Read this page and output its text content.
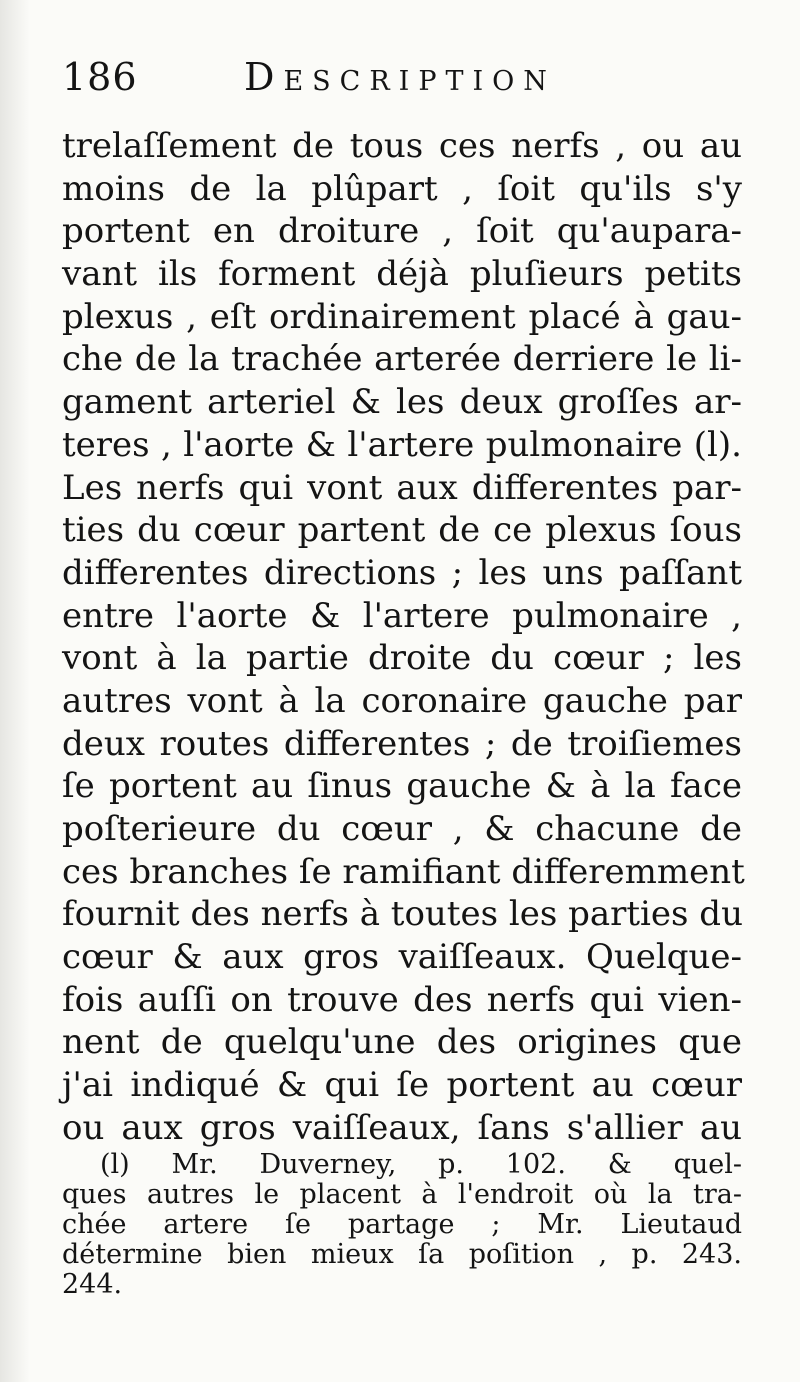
186	Description
trelaſſement de tous ces nerfs , ou au
moins de la plûpart , ſoit qu'ils s'y
portent en droiture , ſoit qu'aupara-
vant ils forment déjà pluſieurs petits
plexus , eſt ordinairement placé à gau-
che de la trachée arterée derriere le li-
gament arteriel & les deux groſſes ar-
teres , l'aorte & l'artere pulmonaire (l).
Les nerfs qui vont aux differentes par-
ties du cœur partent de ce plexus ſous
differentes directions ; les uns paſſant
entre l'aorte & l'artere pulmonaire ,
vont à la partie droite du cœur ; les
autres vont à la coronaire gauche par
deux routes differentes ; de troiſiemes
ſe portent au ſinus gauche & à la face
poſterieure du cœur , & chacune de
ces branches ſe ramifiant differemment
fournit des nerfs à toutes les parties du
cœur & aux gros vaiſſeaux. Quelque-
fois auſſi on trouve des nerfs qui vien-
nent de quelqu'une des origines que
j'ai indiqué & qui ſe portent au cœur
ou aux gros vaiſſeaux, ſans s'allier au
(l) Mr. Duverney, p. 102. & quel-
ques autres le placent à l'endroit où la tra-
chée artere ſe partage ; Mr. Lieutaud
détermine bien mieux ſa poſition , p. 243.
244.
